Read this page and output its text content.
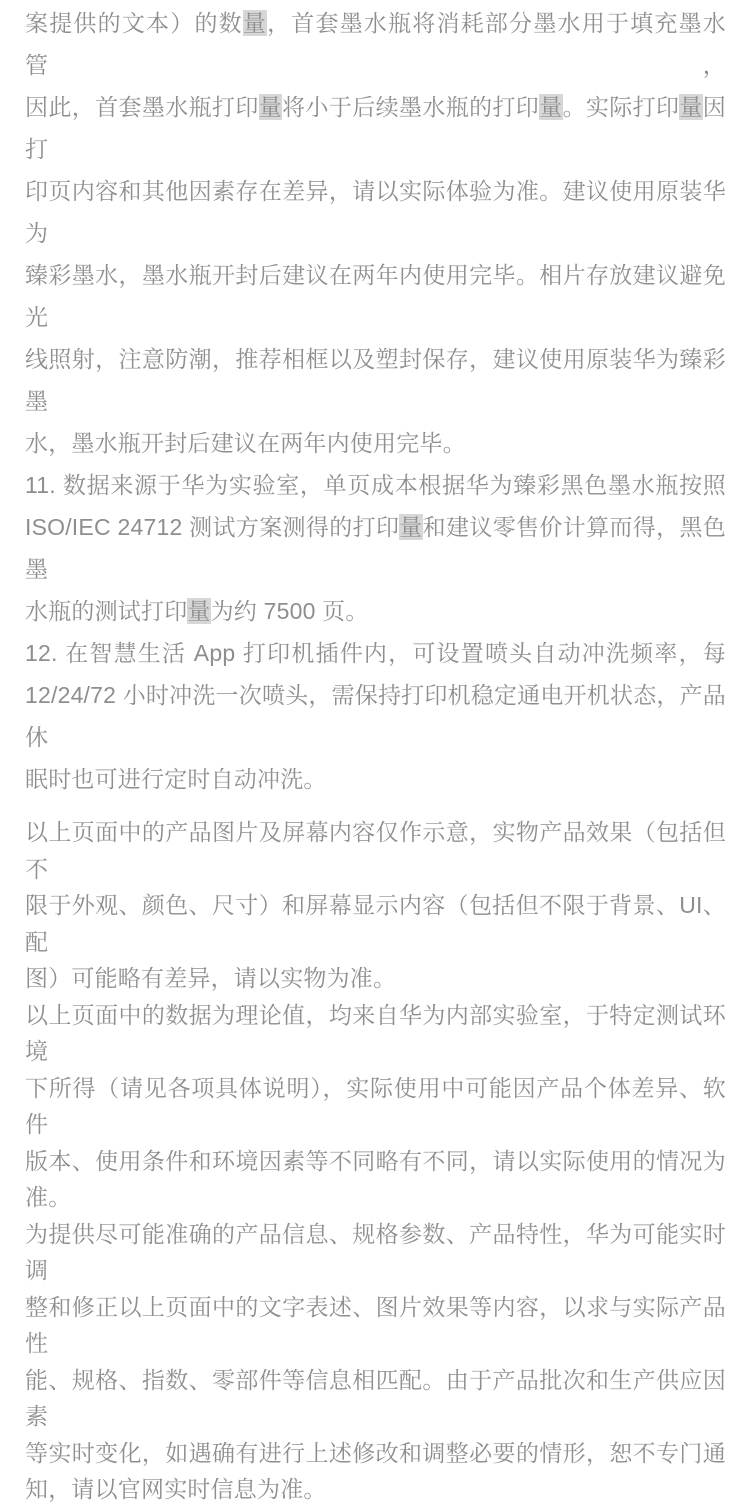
案提供的文本）的数量，首套墨水瓶将消耗部分墨水用于填充墨水管，
因此，首套墨水瓶打印量将小于后续墨水瓶的打印量。实际打印量因打
印页内容和其他因素存在差异，请以实际体验为准。建议使用原装华为
臻彩墨水，墨水瓶开封后建议在两年内使用完毕。相片存放建议避免光
线照射，注意防潮，推荐相框以及塑封保存，建议使用原装华为臻彩墨
水，墨水瓶开封后建议在两年内使用完毕。

11. 数据来源于华为实验室，单页成本根据华为臻彩黑色墨水瓶按照
ISO/IEC 24712 测试方案测得的打印量和建议零售价计算而得，黑色墨
水瓶的测试打印量为约 7500 页。

12. 在智慧生活 App 打印机插件内，可设置喷头自动冲洗频率，每
12/24/72 小时冲洗一次喷头，需保持打印机稳定通电开机状态，产品休
眠时也可进行定时自动冲洗。

以上页面中的产品图片及屏幕内容仅作示意，实物产品效果（包括但不
限于外观、颜色、尺寸）和屏幕显示内容（包括但不限于背景、UI、配
图）可能略有差异，请以实物为准。

以上页面中的数据为理论值，均来自华为内部实验室，于特定测试环境
下所得（请见各项具体说明），实际使用中可能因产品个体差异、软件
版本、使用条件和环境因素等不同略有不同，请以实际使用的情况为
准。

为提供尽可能准确的产品信息、规格参数、产品特性，华为可能实时调
整和修正以上页面中的文字表述、图片效果等内容，以求与实际产品性
能、规格、指数、零部件等信息相匹配。由于产品批次和生产供应因素
等实时变化，如遇确有进行上述修改和调整必要的情形，恕不专门通
知，请以官网实时信息为准。
